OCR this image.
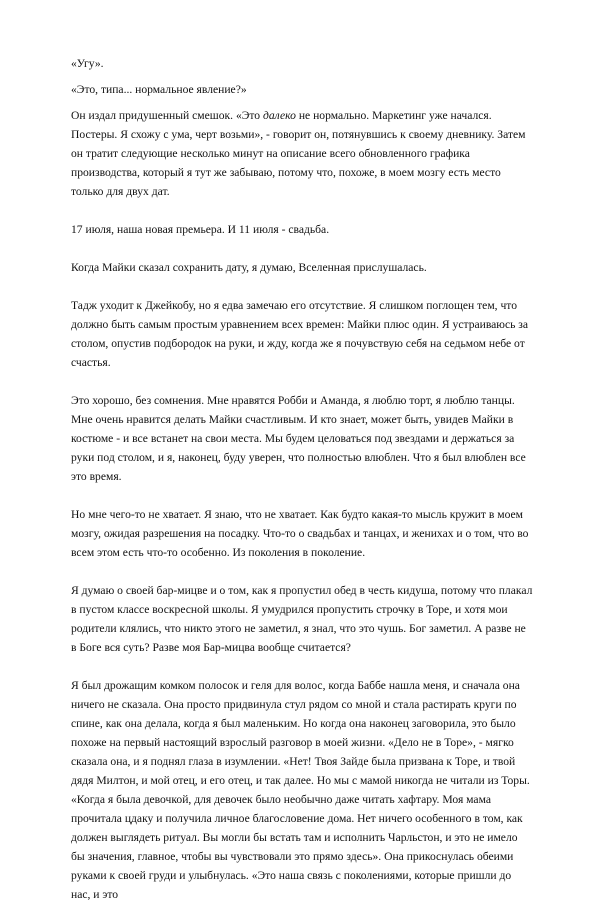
«Угу».

«Это, типа... нормальное явление?»

Он издал придушенный смешок. «Это далеко не нормально. Маркетинг уже начался. Постеры. Я схожу с ума, черт возьми», - говорит он, потянувшись к своему дневнику. Затем он тратит следующие несколько минут на описание всего обновленного графика производства, который я тут же забываю, потому что, похоже, в моем мозгу есть место только для двух дат.

17 июля, наша новая премьера. И 11 июля - свадьба.

Когда Майки сказал сохранить дату, я думаю, Вселенная прислушалась.

Тадж уходит к Джейкобу, но я едва замечаю его отсутствие. Я слишком поглощен тем, что должно быть самым простым уравнением всех времен: Майки плюс один. Я устраиваюсь за столом, опустив подбородок на руки, и жду, когда же я почувствую себя на седьмом небе от счастья.

Это хорошо, без сомнения. Мне нравятся Робби и Аманда, я люблю торт, я люблю танцы. Мне очень нравится делать Майки счастливым. И кто знает, может быть, увидев Майки в костюме - и все встанет на свои места. Мы будем целоваться под звездами и держаться за руки под столом, и я, наконец, буду уверен, что полностью влюблен. Что я был влюблен все это время.

Но мне чего-то не хватает. Я знаю, что не хватает. Как будто какая-то мысль кружит в моем мозгу, ожидая разрешения на посадку. Что-то о свадьбах и танцах, и женихах и о том, что во всем этом есть что-то особенно. Из поколения в поколение.

Я думаю о своей бар-мицве и о том, как я пропустил обед в честь кидуша, потому что плакал в пустом классе воскресной школы. Я умудрился пропустить строчку в Торе, и хотя мои родители клялись, что никто этого не заметил, я знал, что это чушь. Бог заметил. А разве не в Боге вся суть? Разве моя Бар-мицва вообще считается?

Я был дрожащим комком полосок и геля для волос, когда Баббе нашла меня, и сначала она ничего не сказала. Она просто придвинула стул рядом со мной и стала растирать круги по спине, как она делала, когда я был маленьким. Но когда она наконец заговорила, это было похоже на первый настоящий взрослый разговор в моей жизни. «Дело не в Торе», - мягко сказала она, и я поднял глаза в изумлении. «Нет! Твоя Зайде была призвана к Торе, и твой дядя Милтон, и мой отец, и его отец, и так далее. Но мы с мамой никогда не читали из Торы. «Когда я была девочкой, для девочек было необычно даже читать хафтару. Моя мама прочитала цдаку и получила личное благословение дома. Нет ничего особенного в том, как должен выглядеть ритуал. Вы могли бы встать там и исполнить Чарльстон, и это не имело бы значения, главное, чтобы вы чувствовали это прямо здесь». Она прикоснулась обеими руками к своей груди и улыбнулась. «Это наша связь с поколениями, которые пришли до нас, и это
